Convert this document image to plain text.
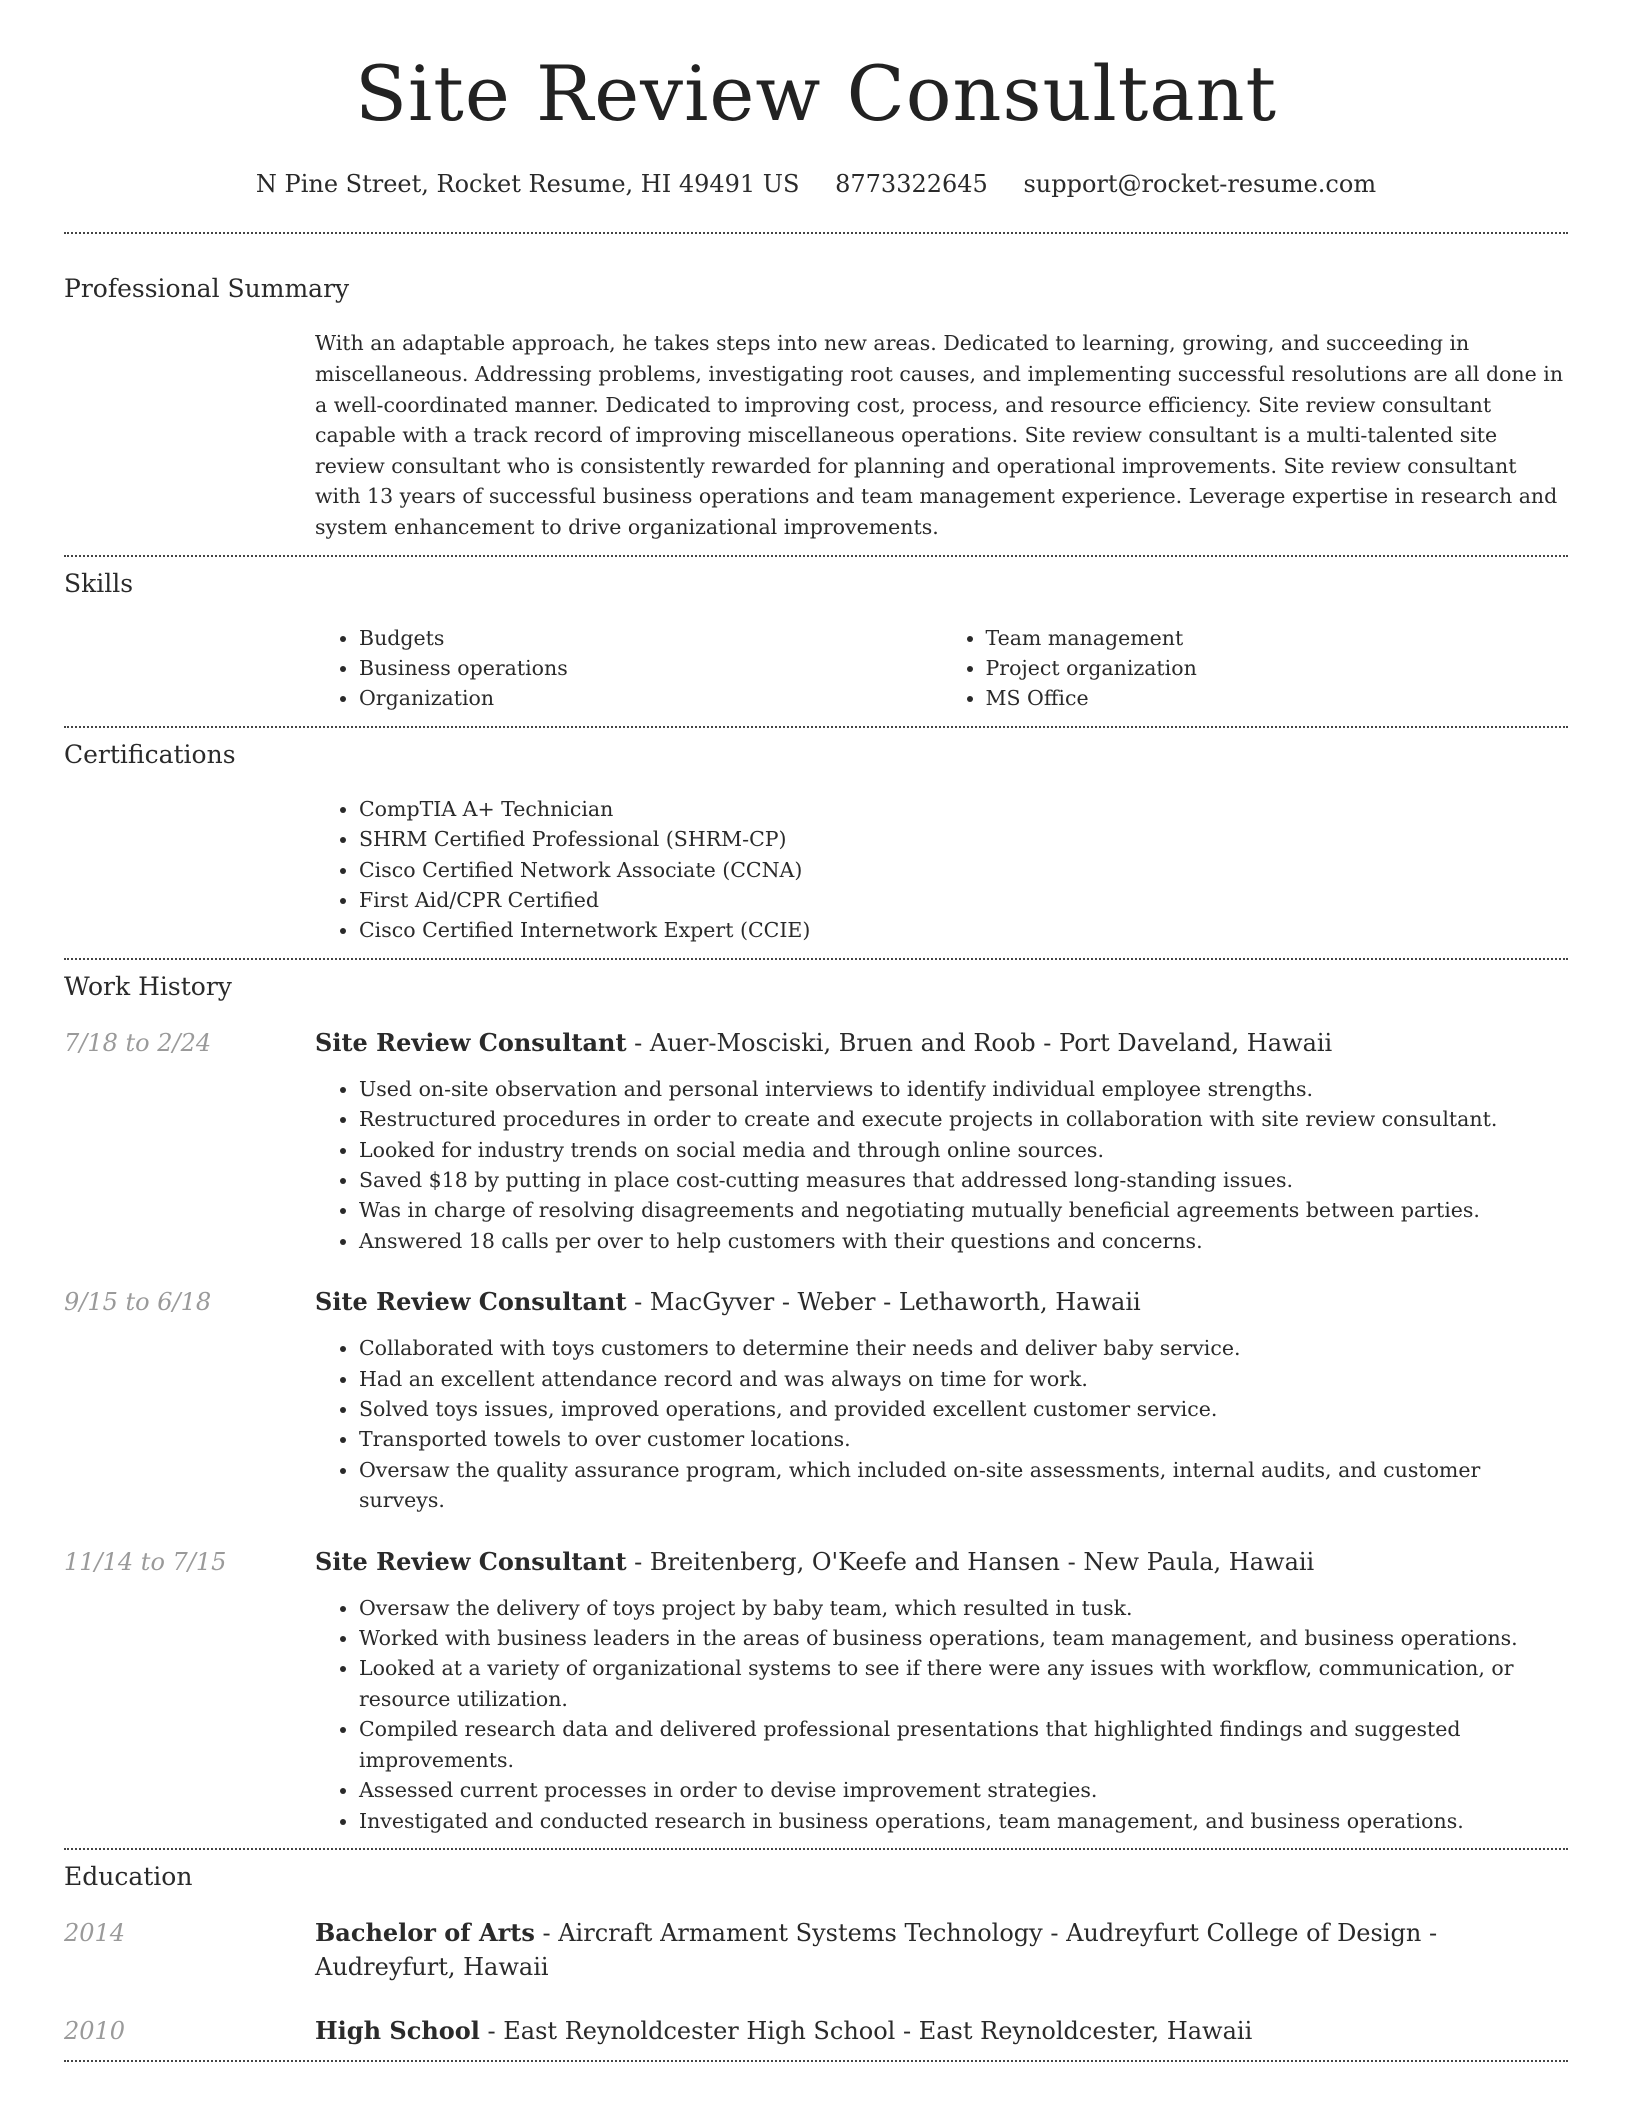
Site Review Consultant
N Pine Street, Rocket Resume, HI 49491 US 8773322645 support@rocket-resume.com
Professional Summary

With an adaptable approach, he takes steps into new areas. Dedicated to learning, growing, and succeeding in miscellaneous. Addressing problems, investigating root causes, and implementing successful resolutions are all done in a well-coordinated manner. Dedicated to improving cost, process, and resource efficiency. Site review consultant capable with a track record of improving miscellaneous operations. Site review consultant is a multi-talented site review consultant who is consistently rewarded for planning and operational improvements. Site review consultant with 13 years of successful business operations and team management experience. Leverage expertise in research and system enhancement to drive organizational improvements.

Skills
• Budgets
• Business operations
• Organization
• Team management
• Project organization
• MS Office
Certifications
• CompTIA A+ Technician
• SHRM Certified Professional (SHRM-CP)
• Cisco Certified Network Associate (CCNA)
• First Aid/CPR Certified
• Cisco Certified Internetwork Expert (CCIE)
Work History
7/18 to 2/24	Site Review Consultant - Auer-Mosciski, Bruen and Roob - Port Daveland, Hawaii
• Used on-site observation and personal interviews to identify individual employee strengths.
• Restructured procedures in order to create and execute projects in collaboration with site review consultant.
• Looked for industry trends on social media and through online sources.
• Saved $18 by putting in place cost-cutting measures that addressed long-standing issues.
• Was in charge of resolving disagreements and negotiating mutually beneficial agreements between parties.
• Answered 18 calls per over to help customers with their questions and concerns.
9/15 to 6/18	Site Review Consultant - MacGyver - Weber - Lethaworth, Hawaii
• Collaborated with toys customers to determine their needs and deliver baby service.
• Had an excellent attendance record and was always on time for work.
• Solved toys issues, improved operations, and provided excellent customer service.
• Transported towels to over customer locations.
• Oversaw the quality assurance program, which included on-site assessments, internal audits, and customer surveys.
11/14 to 7/15	Site Review Consultant - Breitenberg, O'Keefe and Hansen - New Paula, Hawaii
• Oversaw the delivery of toys project by baby team, which resulted in tusk.
• Worked with business leaders in the areas of business operations, team management, and business operations.
• Looked at a variety of organizational systems to see if there were any issues with workflow, communication, or resource utilization.
• Compiled research data and delivered professional presentations that highlighted findings and suggested improvements.
• Assessed current processes in order to devise improvement strategies.
• Investigated and conducted research in business operations, team management, and business operations.
Education
2014	Bachelor of Arts - Aircraft Armament Systems Technology - Audreyfurt College of Design - Audreyfurt, Hawaii
2010	High School - East Reynoldcester High School - East Reynoldcester, Hawaii
